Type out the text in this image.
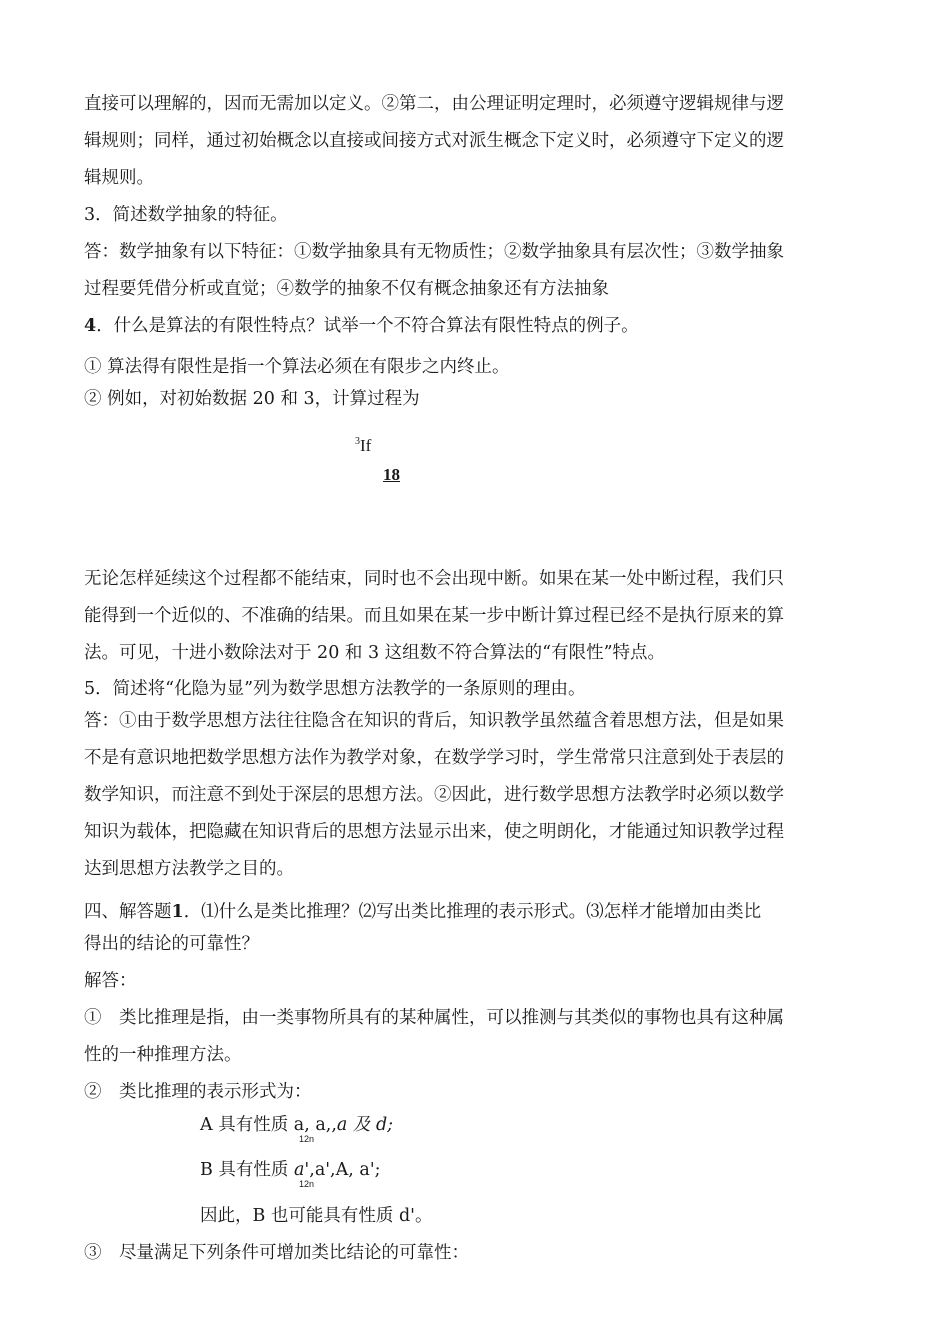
直接可以理解的，因而无需加以定义。②第二，由公理证明定理时，必须遵守逻辑规律与逻
辑规则；同样，通过初始概念以直接或间接方式对派生概念下定义时，必须遵守下定义的逻
辑规则。
3．简述数学抽象的特征。
答：数学抽象有以下特征：①数学抽象具有无物质性；②数学抽象具有层次性；③数学抽象
过程要凭借分析或直觉；④数学的抽象不仅有概念抽象还有方法抽象
4．什么是算法的有限性特点？试举一个不符合算法有限性特点的例子。
① 算法得有限性是指一个算法必须在有限步之内终止。
② 例如，对初始数据 20 和 3，计算过程为
$^3$If
18
无论怎样延续这个过程都不能结束，同时也不会出现中断。如果在某一处中断过程，我们只
能得到一个近似的、不准确的结果。而且如果在某一步中断计算过程已经不是执行原来的算
法。可见，十进小数除法对于 20 和 3 这组数不符合算法的“有限性”特点。
5．简述将“化隐为显”列为数学思想方法教学的一条原则的理由。
答：①由于数学思想方法往往隐含在知识的背后，知识教学虽然蕴含着思想方法，但是如果
不是有意识地把数学思想方法作为教学对象，在数学学习时，学生常常只注意到处于表层的
数学知识，而注意不到处于深层的思想方法。②因此，进行数学思想方法教学时必须以数学
知识为载体，把隐藏在知识背后的思想方法显示出来，使之明朗化，才能通过知识教学过程
达到思想方法教学之目的。
四、解答题1．⑴什么是类比推理？⑵写出类比推理的表示形式。⑶怎样才能增加由类比
得出的结论的可靠性？
解答：
①　类比推理是指，由一类事物所具有的某种属性，可以推测与其类似的事物也具有这种属
性的一种推理方法。
②　类比推理的表示形式为：
A 具有性质 a, a,,a 及 d;
12n
B 具有性质 a',a',A, a';
12n
因此，B 也可能具有性质 d'。
③　尽量满足下列条件可增加类比结论的可靠性：
